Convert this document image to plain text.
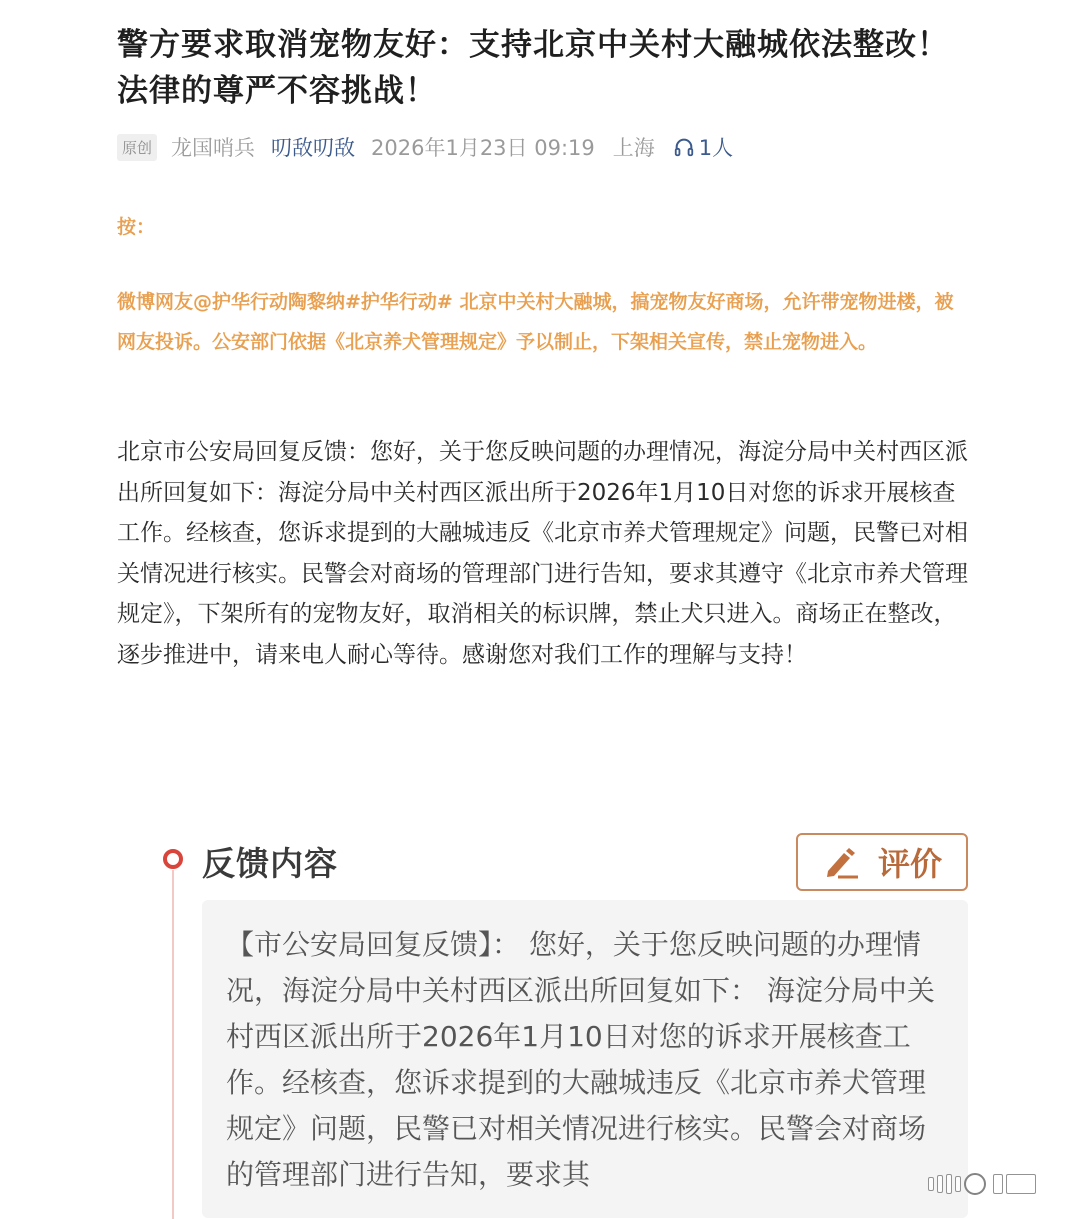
警方要求取消宠物友好：支持北京中关村大融城依法整改！法律的尊严不容挑战！
原创 龙国哨兵 叨敌叨敌 2026年1月23日 09:19 上海 1人
按：

微博网友@护华行动陶黎纳#护华行动# 北京中关村大融城，搞宠物友好商场，允许带宠物进楼，被网友投诉。公安部门依据《北京养犬管理规定》予以制止，下架相关宣传，禁止宠物进入。

北京市公安局回复反馈：您好，关于您反映问题的办理情况，海淀分局中关村西区派出所回复如下：海淀分局中关村西区派出所于2026年1月10日对您的诉求开展核查工作。经核查，您诉求提到的大融城违反《北京市养犬管理规定》问题，民警已对相关情况进行核实。民警会对商场的管理部门进行告知，要求其遵守《北京市养犬管理规定》，下架所有的宠物友好，取消相关的标识牌，禁止犬只进入。商场正在整改，逐步推进中，请来电人耐心等待。感谢您对我们工作的理解与支持！

反馈内容	评价

【市公安局回复反馈】： 您好，关于您反映问题的办理情况，海淀分局中关村西区派出所回复如下： 海淀分局中关村西区派出所于2026年1月10日对您的诉求开展核查工作。经核查，您诉求提到的大融城违反《北京市养犬管理规定》问题，民警已对相关情况进行核实。民警会对商场的管理部门进行告知，要求其
